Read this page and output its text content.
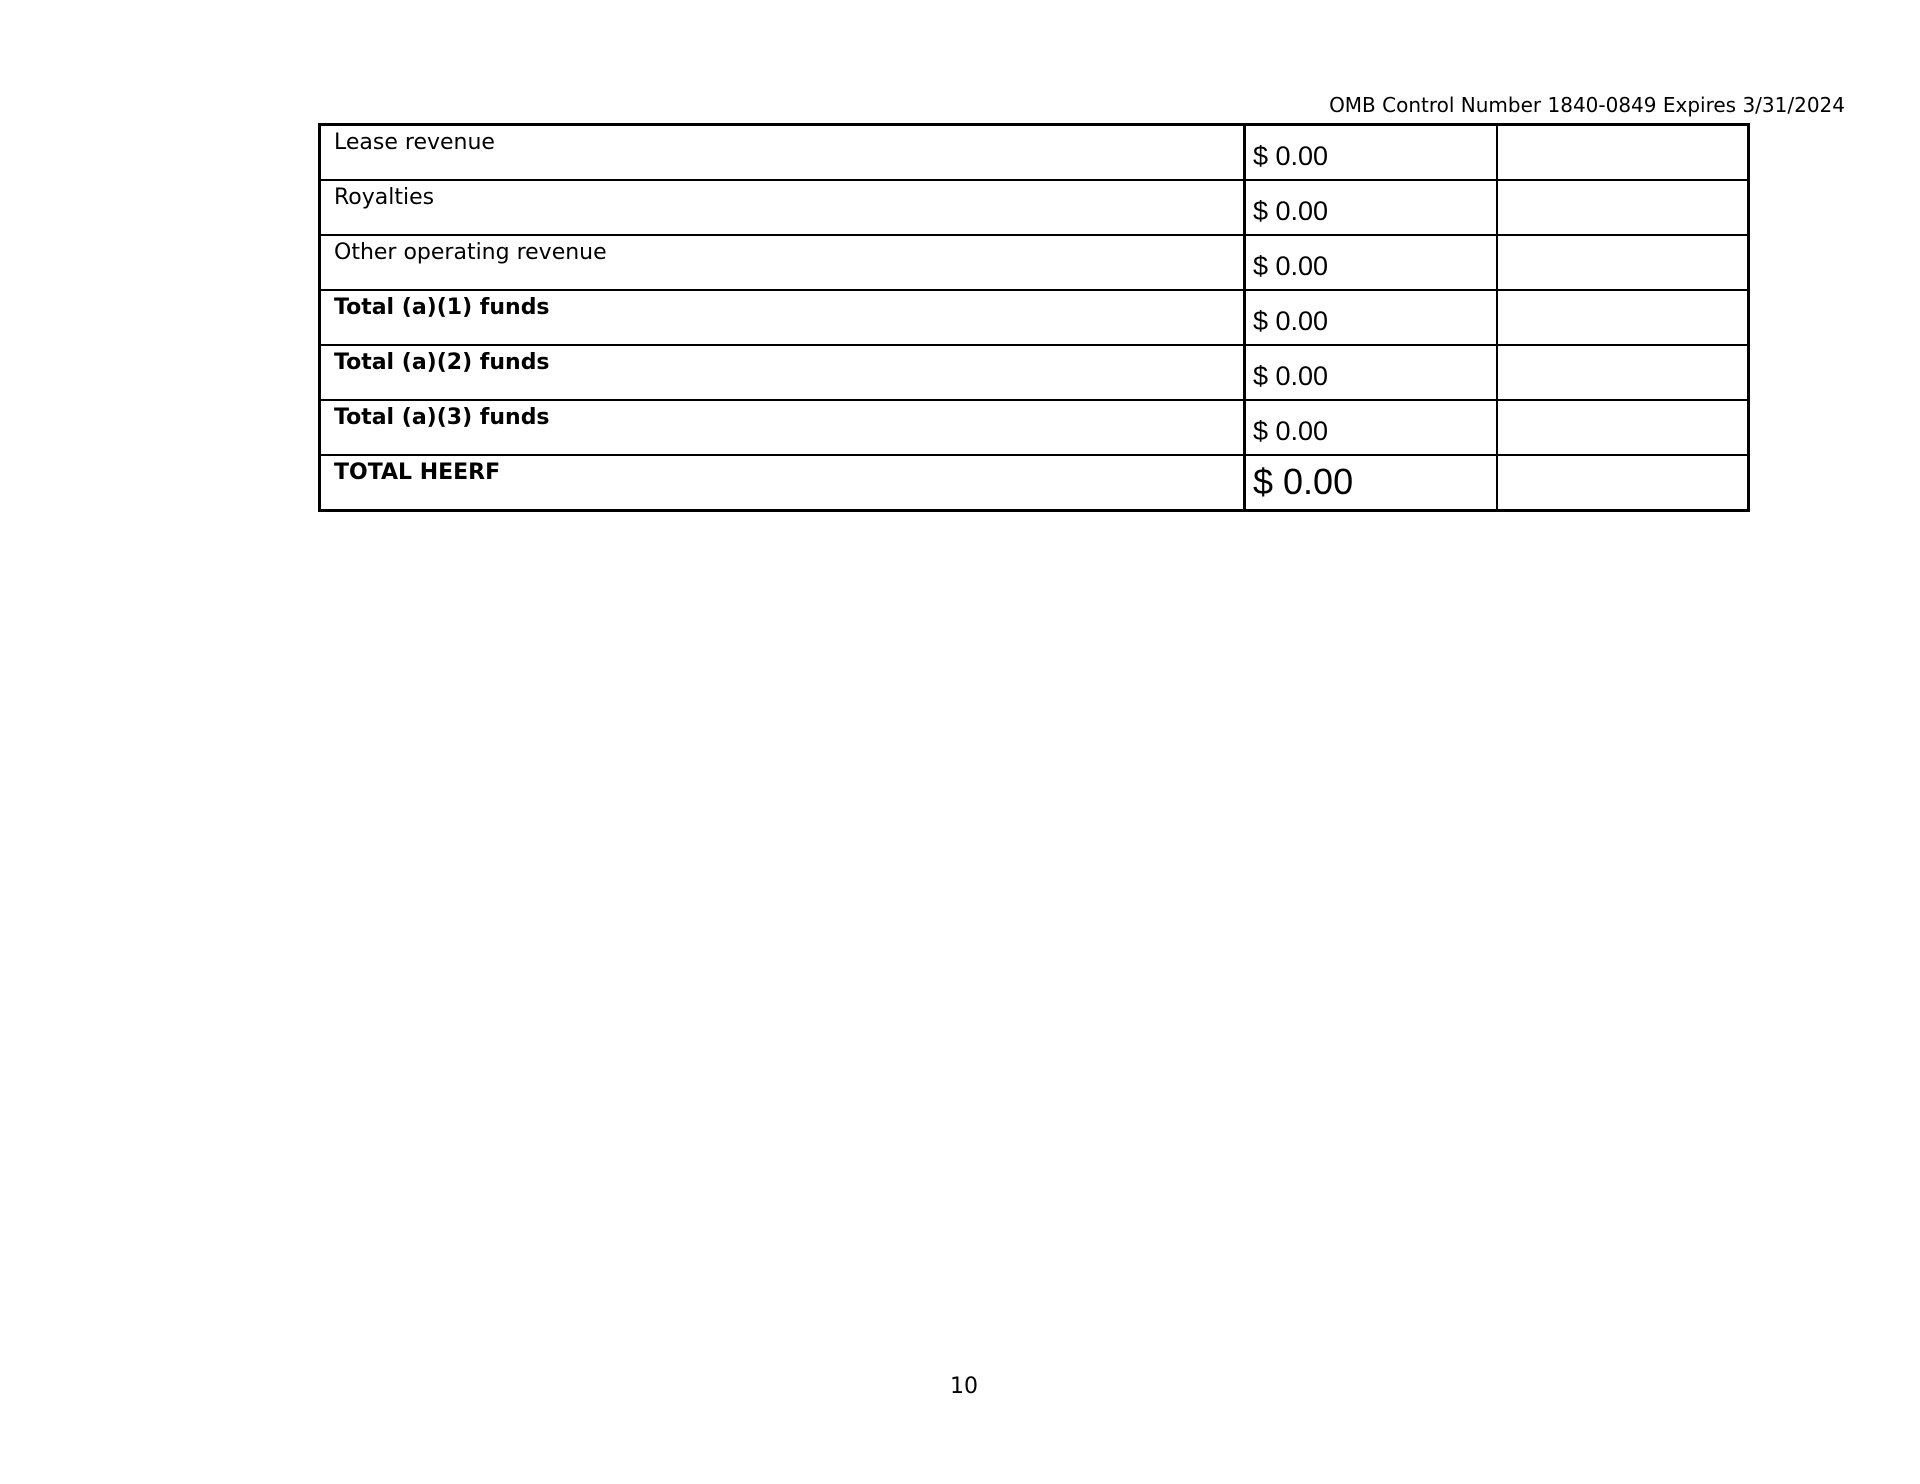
OMB Control Number 1840-0849 Expires 3/31/2024
Lease revenue	$ 0.00	

Royalties	$ 0.00	

Other operating revenue	$ 0.00	

Total (a)(1) funds	$ 0.00	

Total (a)(2) funds	$ 0.00	

Total (a)(3) funds	$ 0.00	

TOTAL HEERF	$ 0.00	

10
